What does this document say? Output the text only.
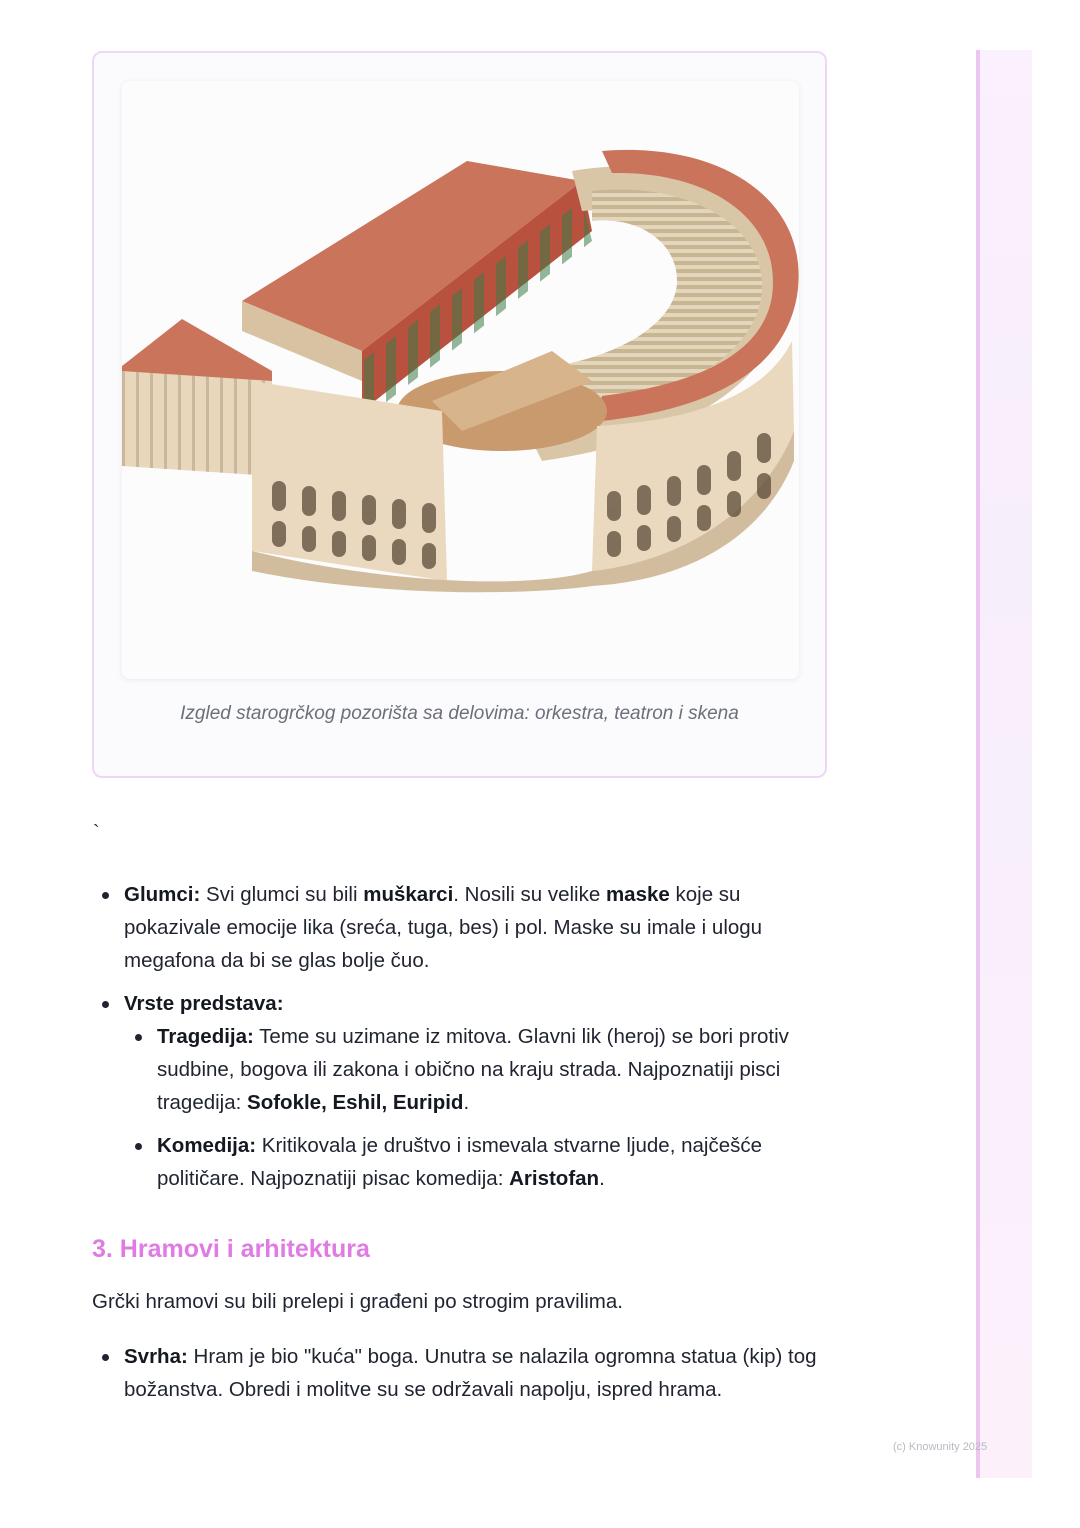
Izgled starogrčkog pozorišta sa delovima: orkestra, teatron i skena
`
Glumci: Svi glumci su bili muškarci. Nosili su velike maske koje su pokazivale emocije lika (sreća, tuga, bes) i pol. Maske su imale i ulogu megafona da bi se glas bolje čuo.
Vrste predstava:
Tragedija: Teme su uzimane iz mitova. Glavni lik (heroj) se bori protiv sudbine, bogova ili zakona i obično na kraju strada. Najpoznatiji pisci tragedija: Sofokle, Eshil, Euripid.
Komedija: Kritikovala je društvo i ismevala stvarne ljude, najčešće političare. Najpoznatiji pisac komedija: Aristofan.
3. Hramovi i arhitektura
Grčki hramovi su bili prelepi i građeni po strogim pravilima.
Svrha: Hram je bio "kuća" boga. Unutra se nalazila ogromna statua (kip) tog božanstva. Obredi i molitve su se održavali napolju, ispred hrama.
(c) Knowunity 2025
